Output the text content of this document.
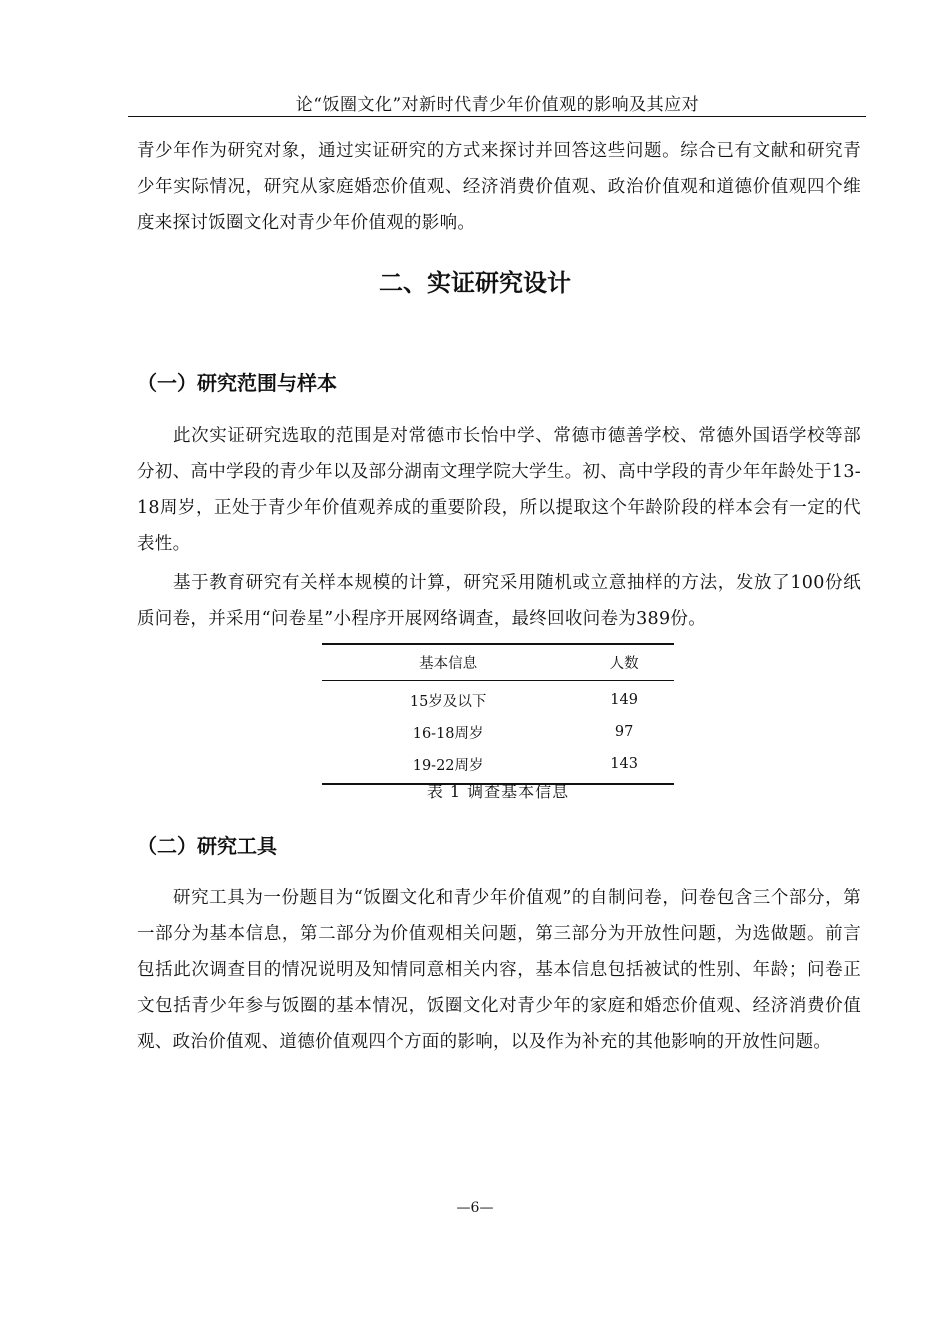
论“饭圈文化”对新时代青少年价值观的影响及其应对

青少年作为研究对象，通过实证研究的方式来探讨并回答这些问题。综合已有文献和研究青少年实际情况，研究从家庭婚恋价值观、经济消费价值观、政治价值观和道德价值观四个维度来探讨饭圈文化对青少年价值观的影响。

二、实证研究设计
（一）研究范围与样本

此次实证研究选取的范围是对常德市长怡中学、常德市德善学校、常德外国语学校等部分初、高中学段的青少年以及部分湖南文理学院大学生。初、高中学段的青少年年龄处于13-18周岁，正处于青少年价值观养成的重要阶段，所以提取这个年龄阶段的样本会有一定的代表性。

基于教育研究有关样本规模的计算，研究采用随机或立意抽样的方法，发放了100份纸质问卷，并采用“问卷星”小程序开展网络调查，最终回收问卷为389份。

基本信息	人数
15岁及以下	149
16-18周岁	97
19-22周岁	143
表 1 调查基本信息
（二）研究工具

研究工具为一份题目为“饭圈文化和青少年价值观”的自制问卷，问卷包含三个部分，第一部分为基本信息，第二部分为价值观相关问题，第三部分为开放性问题，为选做题。前言包括此次调查目的情况说明及知情同意相关内容，基本信息包括被试的性别、年龄；问卷正文包括青少年参与饭圈的基本情况，饭圈文化对青少年的家庭和婚恋价值观、经济消费价值观、政治价值观、道德价值观四个方面的影响，以及作为补充的其他影响的开放性问题。

—6—
